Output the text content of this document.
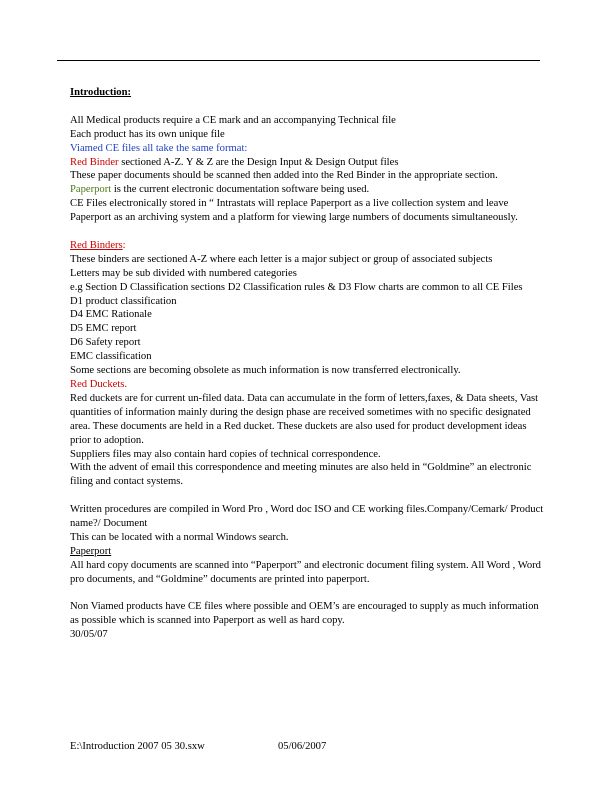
Introduction:
All Medical products require a CE mark and an accompanying Technical file
Each product has its own unique file
Viamed CE files all take the same format:
Red Binder sectioned A-Z. Y & Z are the Design Input & Design Output files
These paper documents should be scanned then added into the Red Binder in the appropriate section.
Paperport is the current electronic documentation software being used.
CE Files electronically stored in “ Intrastats will replace Paperport as a live collection system and leave Paperport as an archiving system and a platform for viewing large numbers of documents simultaneously.
Red Binders:
These binders are sectioned A-Z where each letter is a major subject or group of associated subjects
Letters may be sub divided with numbered categories
e.g Section D Classification sections D2 Classification rules & D3 Flow charts are common to all CE Files
D1 product classification
D4 EMC Rationale
D5 EMC report
D6 Safety report
EMC classification
Some sections are becoming obsolete as much information is now transferred electronically.
Red Duckets.
Red duckets are for current un-filed data. Data can accumulate in the form of letters,faxes, & Data sheets, Vast quantities of information mainly during the design phase are received sometimes with no specific designated area. These documents are held in a Red ducket. These duckets are also used for product development ideas prior to adoption.
Suppliers files may also contain hard copies of technical correspondence.
With the advent of email this correspondence and meeting minutes are also held in “Goldmine” an electronic filing and contact systems.
Written procedures are compiled in Word Pro , Word doc ISO and CE working files.Company/Cemark/ Product name?/ Document
This can be located with a normal Windows search.
Paperport
All hard copy documents are scanned into “Paperport” and electronic document filing system. All Word , Word pro documents, and “Goldmine” documents are printed into paperport.
Non Viamed products have CE files where possible and OEM’s are encouraged to supply as much information as possible which is scanned into Paperport as well as hard copy.
30/05/07
E:\Introduction 2007 05 30.sxw	05/06/2007
